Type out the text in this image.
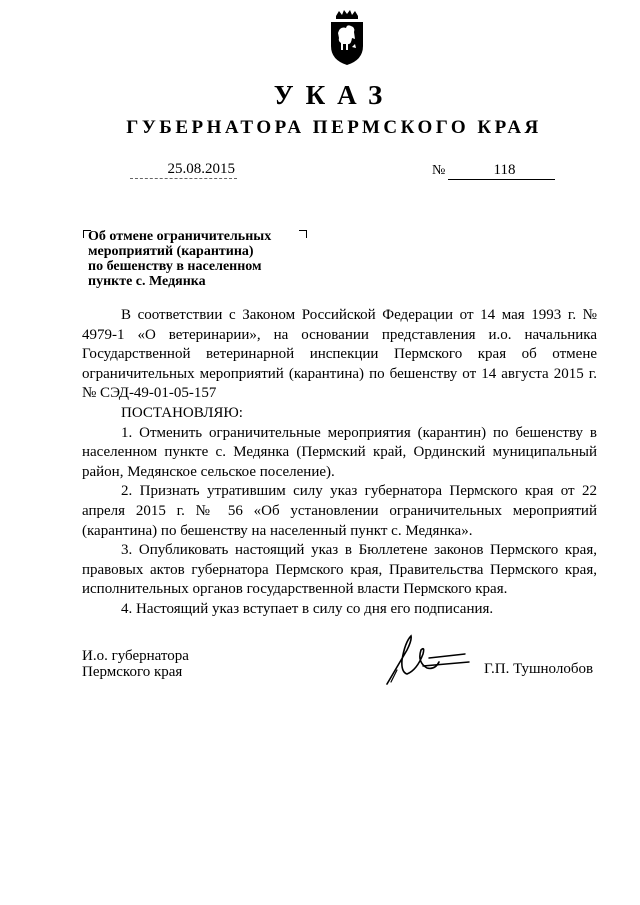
УКАЗ
ГУБЕРНАТОРА ПЕРМСКОГО КРАЯ
25.08.2015	№	118
Об отмене ограничительных
мероприятий (карантина)
по бешенству в населенном
пункте с. Медянка

В соответствии с Законом Российской Федерации от 14 мая 1993 г. № 4979-1 «О ветеринарии», на основании представления и.о. начальника Государственной ветеринарной инспекции Пермского края об отмене ограничительных мероприятий (карантина) по бешенству от 14 августа 2015 г. № СЭД-49-01-05-157

ПОСТАНОВЛЯЮ:

1. Отменить ограничительные мероприятия (карантин) по бешенству в населенном пункте с. Медянка (Пермский край, Ординский муниципальный район, Медянское сельское поселение).

2. Признать утратившим силу указ губернатора Пермского края от 22 апреля 2015 г. № 56 «Об установлении ограничительных мероприятий (карантина) по бешенству на населенный пункт с. Медянка».

3. Опубликовать настоящий указ в Бюллетене законов Пермского края, правовых актов губернатора Пермского края, Правительства Пермского края, исполнительных органов государственной власти Пермского края.

4. Настоящий указ вступает в силу со дня его подписания.

И.о. губернатора
Пермского края	Г.П. Тушнолобов
